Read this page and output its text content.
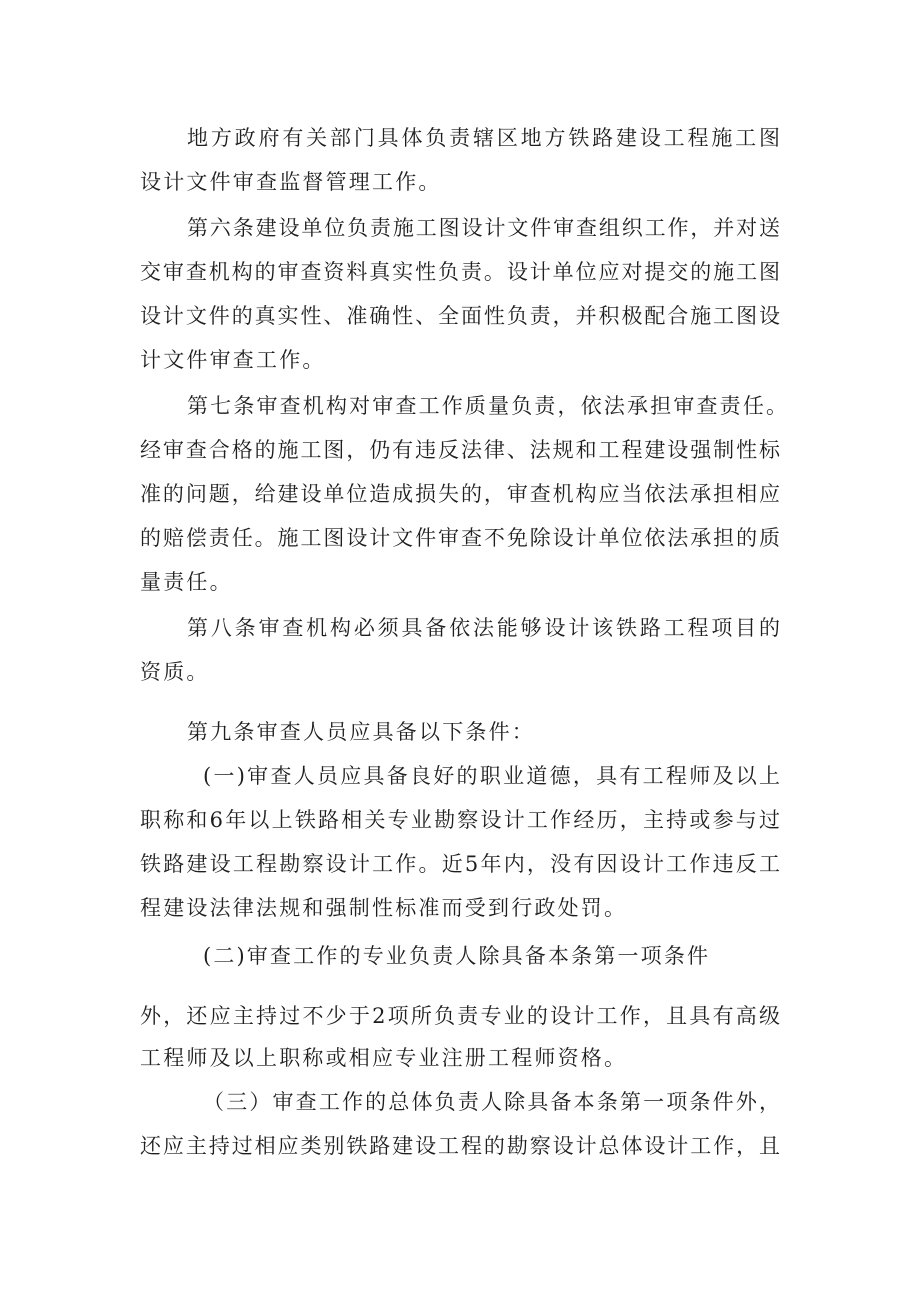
地方政府有关部门具体负责辖区地方铁路建设工程施工图
设计文件审查监督管理工作。
第六条建设单位负责施工图设计文件审查组织工作，并对送
交审查机构的审查资料真实性负责。设计单位应对提交的施工图
设计文件的真实性、准确性、全面性负责，并积极配合施工图设
计文件审查工作。
第七条审查机构对审查工作质量负责，依法承担审查责任。
经审查合格的施工图，仍有违反法律、法规和工程建设强制性标
准的问题，给建设单位造成损失的，审查机构应当依法承担相应
的赔偿责任。施工图设计文件审查不免除设计单位依法承担的质
量责任。
第八条审查机构必须具备依法能够设计该铁路工程项目的
资质。
第九条审查人员应具备以下条件：
(一)审查人员应具备良好的职业道德，具有工程师及以上
职称和6年以上铁路相关专业勘察设计工作经历，主持或参与过
铁路建设工程勘察设计工作。近5年内，没有因设计工作违反工
程建设法律法规和强制性标准而受到行政处罚。
(二)审查工作的专业负责人除具备本条第一项条件
外，还应主持过不少于2项所负责专业的设计工作，且具有高级
工程师及以上职称或相应专业注册工程师资格。
（三）审查工作的总体负责人除具备本条第一项条件外，
还应主持过相应类别铁路建设工程的勘察设计总体设计工作，且
